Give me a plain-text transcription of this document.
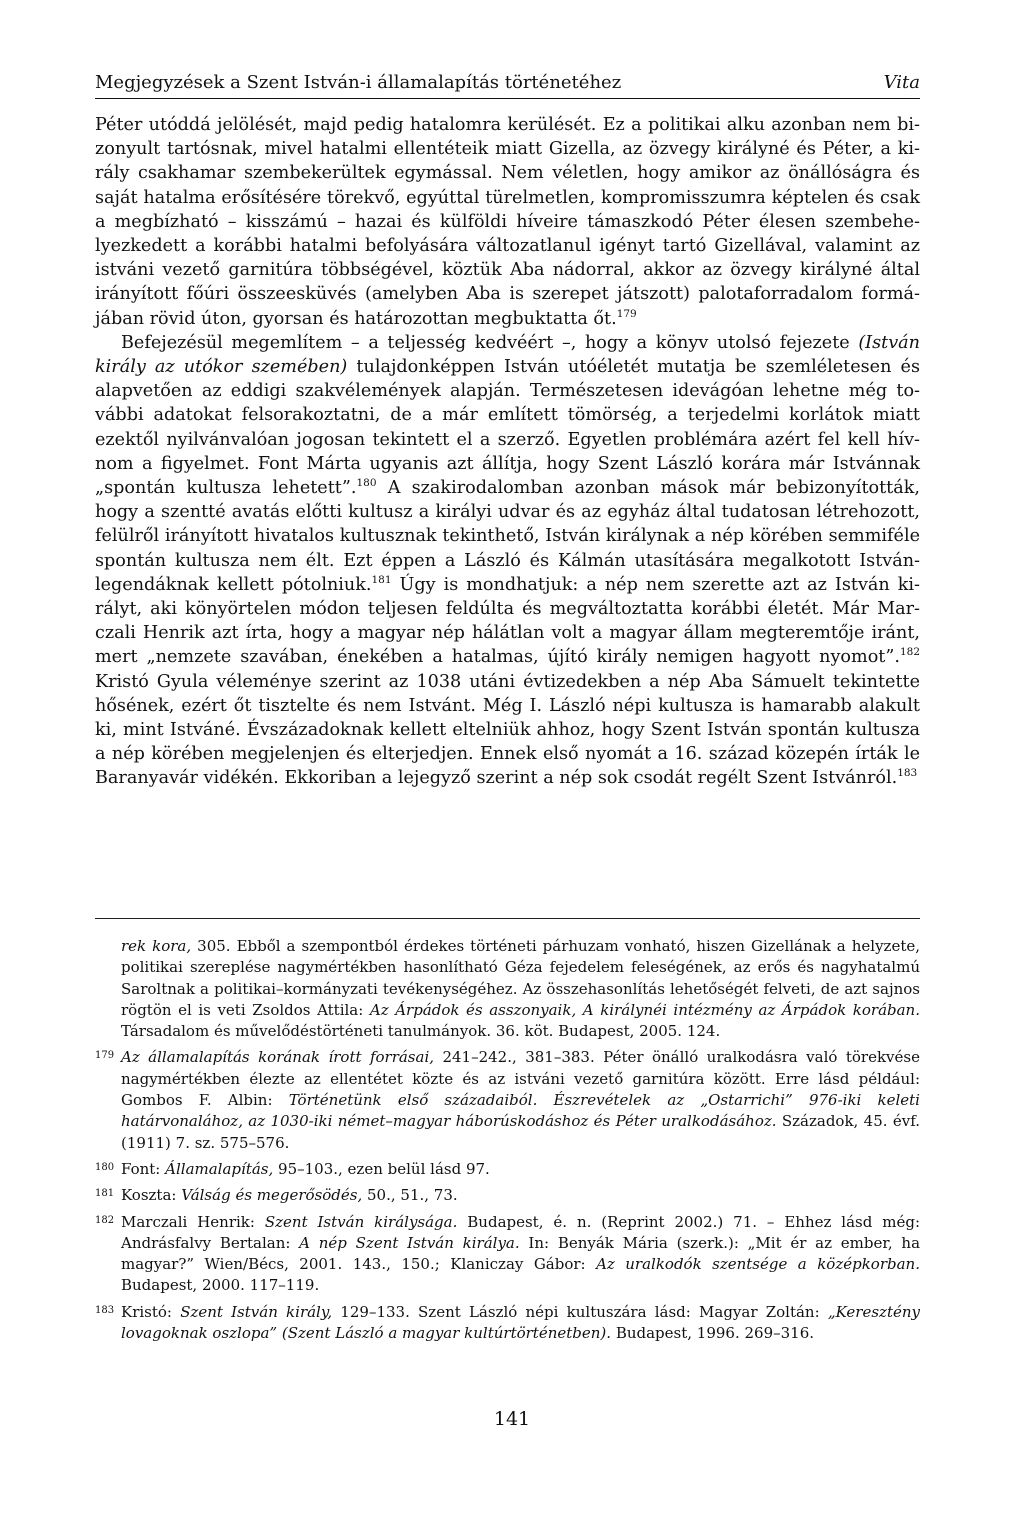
Megjegyzések a Szent István-i államalapítás történetéhez	Vita

Péter utóddá jelölését, majd pedig hatalomra kerülését. Ez a politikai alku azonban nem bizonyult tartósnak, mivel hatalmi ellentéteik miatt Gizella, az özvegy királyné és Péter, a király csakhamar szembekerültek egymással. Nem véletlen, hogy amikor az önállóságra és saját hatalma erősítésére törekvő, egyúttal türelmetlen, kompromisszumra képtelen és csak a megbízható – kisszámú – hazai és külföldi híveire támaszkodó Péter élesen szembehelyezkedett a korábbi hatalmi befolyására változatlanul igényt tartó Gizellával, valamint az istváni vezető garnitúra többségével, köztük Aba nádorral, akkor az özvegy királyné által irányított főúri összeesküvés (amelyben Aba is szerepet játszott) palotaforradalom formájában rövid úton, gyorsan és határozottan megbuktatta őt.$^{179}$

Befejezésül megemlítem – a teljesség kedvéért –, hogy a könyv utolsó fejezete (István király az utókor szemében) tulajdonképpen István utóéletét mutatja be szemléletesen és alapvetően az eddigi szakvélemények alapján. Természetesen idevágóan lehetne még további adatokat felsorakoztatni, de a már említett tömörség, a terjedelmi korlátok miatt ezektől nyilvánvalóan jogosan tekintett el a szerző. Egyetlen problémára azért fel kell hívnom a figyelmet. Font Márta ugyanis azt állítja, hogy Szent László korára már Istvánnak „spontán kultusza lehetett”.$^{180}$ A szakirodalomban azonban mások már bebizonyították, hogy a szentté avatás előtti kultusz a királyi udvar és az egyház által tudatosan létrehozott, felülről irányított hivatalos kultusznak tekinthető, István királynak a nép körében semmiféle spontán kultusza nem élt. Ezt éppen a László és Kálmán utasítására megalkotott István-legendáknak kellett pótolniuk.$^{181}$ Úgy is mondhatjuk: a nép nem szerette azt az István királyt, aki könyörtelen módon teljesen feldúlta és megváltoztatta korábbi életét. Már Marczali Henrik azt írta, hogy a magyar nép hálátlan volt a magyar állam megteremtője iránt, mert „nemzete szavában, énekében a hatalmas, újító király nemigen hagyott nyomot”.$^{182}$ Kristó Gyula véleménye szerint az 1038 utáni évtizedekben a nép Aba Sámuelt tekintette hősének, ezért őt tisztelte és nem Istvánt. Még I. László népi kultusza is hamarabb alakult ki, mint Istváné. Évszázadoknak kellett eltelniük ahhoz, hogy Szent István spontán kultusza a nép körében megjelenjen és elterjedjen. Ennek első nyomát a 16. század közepén írták le Baranyavár vidékén. Ekkoriban a lejegyző szerint a nép sok csodát regélt Szent Istvánról.$^{183}$

rek kora, 305. Ebből a szempontból érdekes történeti párhuzam vonható, hiszen Gizellának a helyzete, politikai szereplése nagymértékben hasonlítható Géza fejedelem feleségének, az erős és nagyhatalmú Saroltnak a politikai–kormányzati tevékenységéhez. Az összehasonlítás lehetőségét felveti, de azt sajnos rögtön el is veti Zsoldos Attila: Az Árpádok és asszonyaik, A királynéi intézmény az Árpádok korában. Társadalom és művelődéstörténeti tanulmányok. 36. köt. Budapest, 2005. 124.
179 Az államalapítás korának írott forrásai, 241–242., 381–383. Péter önálló uralkodásra való törekvése nagymértékben élezte az ellentétet közte és az istváni vezető garnitúra között. Erre lásd például: Gombos F. Albin: Történetünk első századaiból. Észrevételek az „Ostarrichi” 976-iki keleti határvonalához, az 1030-iki német–magyar háborúskodáshoz és Péter uralkodásához. Századok, 45. évf. (1911) 7. sz. 575–576.
180 Font: Államalapítás, 95–103., ezen belül lásd 97.
181 Koszta: Válság és megerősödés, 50., 51., 73.
182 Marczali Henrik: Szent István királysága. Budapest, é. n. (Reprint 2002.) 71. – Ehhez lásd még: Andrásfalvy Bertalan: A nép Szent István királya. In: Benyák Mária (szerk.): „Mit ér az ember, ha magyar?” Wien/Bécs, 2001. 143., 150.; Klaniczay Gábor: Az uralkodók szentsége a középkorban. Budapest, 2000. 117–119.
183 Kristó: Szent István király, 129–133. Szent László népi kultuszára lásd: Magyar Zoltán: „Keresztény lovagoknak oszlopa” (Szent László a magyar kultúrtörténetben). Budapest, 1996. 269–316.
141
